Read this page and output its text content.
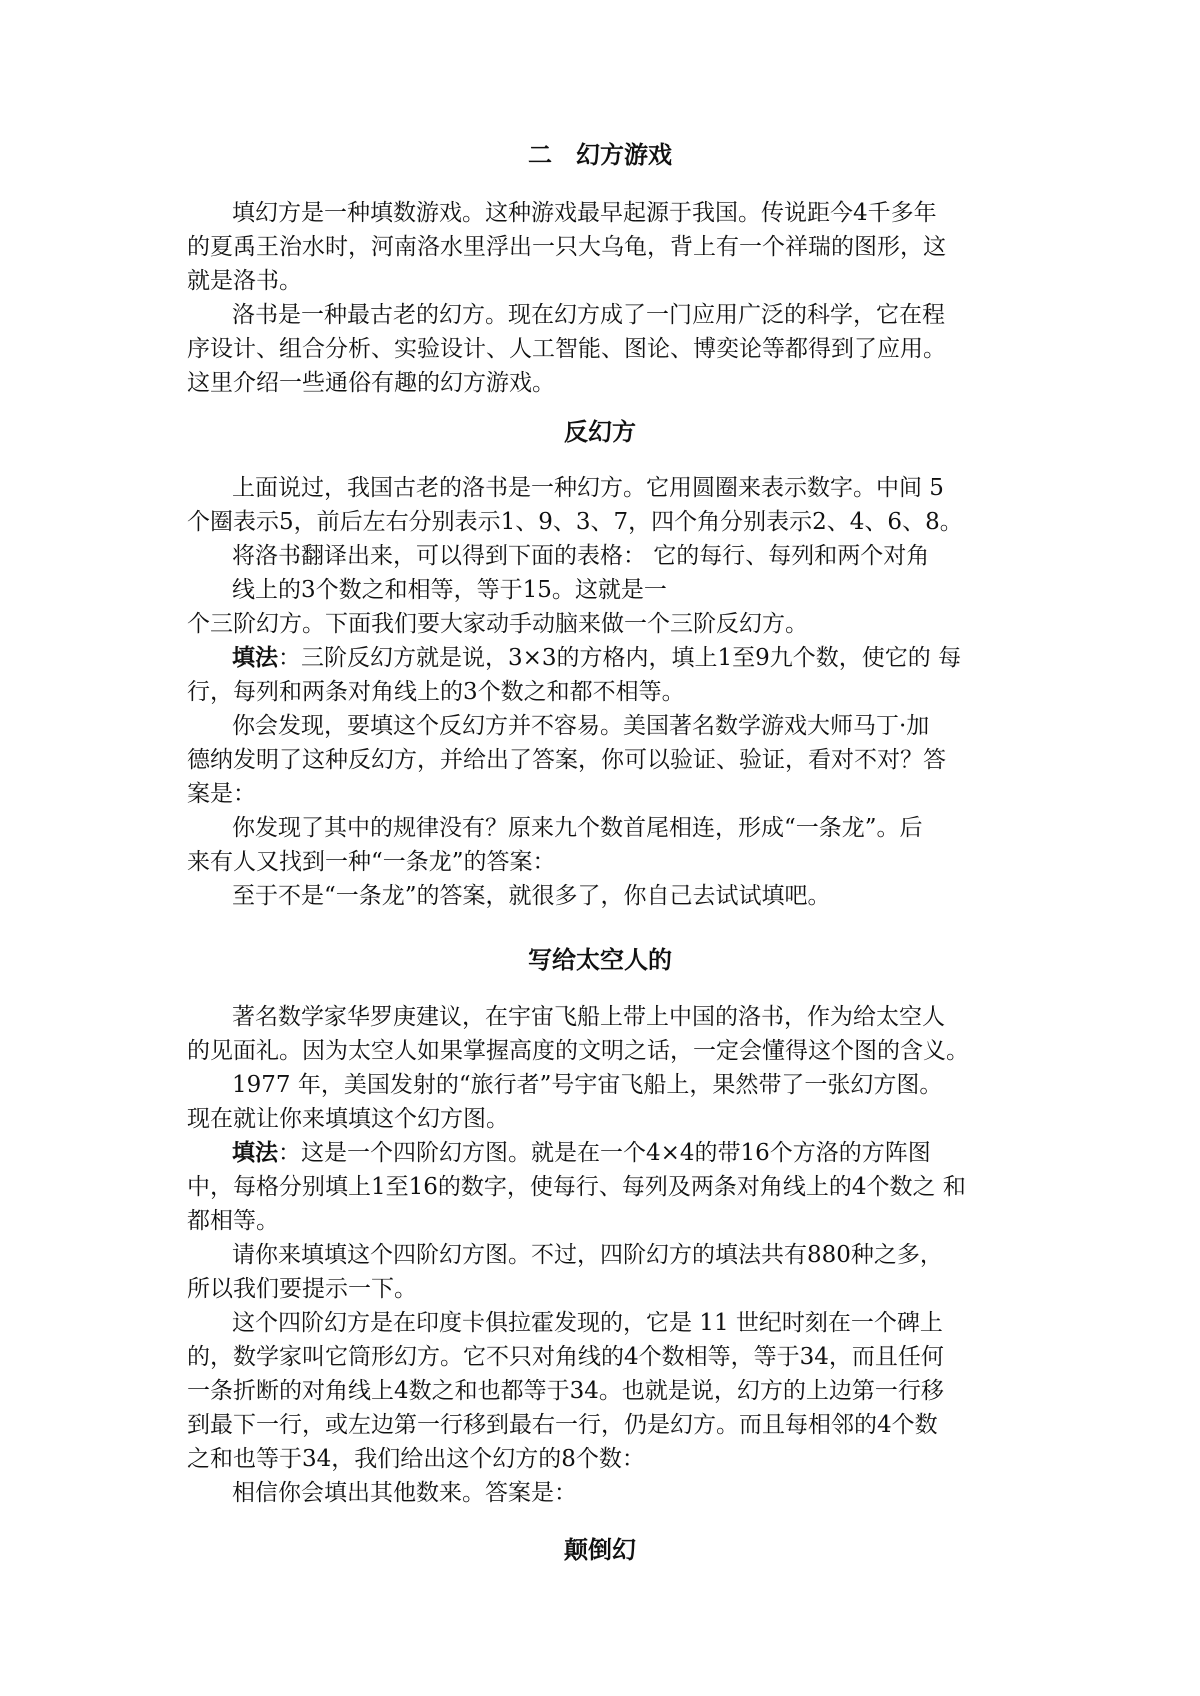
二　幻方游戏
填幻方是一种填数游戏。这种游戏最早起源于我国。传说距今4千多年
的夏禹王治水时，河南洛水里浮出一只大乌龟，背上有一个祥瑞的图形，这
就是洛书。
洛书是一种最古老的幻方。现在幻方成了一门应用广泛的科学，它在程
序设计、组合分析、实验设计、人工智能、图论、博奕论等都得到了应用。
这里介绍一些通俗有趣的幻方游戏。
反幻方
上面说过，我国古老的洛书是一种幻方。它用圆圈来表示数字。中间 5
个圈表示5，前后左右分别表示1、9、3、7，四个角分别表示2、4、6、8。
将洛书翻译出来，可以得到下面的表格： 它的每行、每列和两个对角
线上的3个数之和相等，等于15。这就是一
个三阶幻方。下面我们要大家动手动脑来做一个三阶反幻方。
填法：三阶反幻方就是说，3×3的方格内，填上1至9九个数，使它的 每
行，每列和两条对角线上的3个数之和都不相等。
你会发现，要填这个反幻方并不容易。美国著名数学游戏大师马丁·加
德纳发明了这种反幻方，并给出了答案，你可以验证、验证，看对不对？答
案是：
你发现了其中的规律没有？原来九个数首尾相连，形成“一条龙”。后
来有人又找到一种“一条龙”的答案：
至于不是“一条龙”的答案，就很多了，你自己去试试填吧。
写给太空人的
著名数学家华罗庚建议，在宇宙飞船上带上中国的洛书，作为给太空人
的见面礼。因为太空人如果掌握高度的文明之话，一定会懂得这个图的含义。
1977 年，美国发射的“旅行者”号宇宙飞船上，果然带了一张幻方图。
现在就让你来填填这个幻方图。
填法：这是一个四阶幻方图。就是在一个4×4的带16个方洛的方阵图
中，每格分别填上1至16的数字，使每行、每列及两条对角线上的4个数之 和
都相等。
请你来填填这个四阶幻方图。不过，四阶幻方的填法共有880种之多，
所以我们要提示一下。
这个四阶幻方是在印度卡俱拉霍发现的，它是 11 世纪时刻在一个碑上
的，数学家叫它筒形幻方。它不只对角线的4个数相等，等于34，而且任何
一条折断的对角线上4数之和也都等于34。也就是说，幻方的上边第一行移
到最下一行，或左边第一行移到最右一行，仍是幻方。而且每相邻的4个数
之和也等于34，我们给出这个幻方的8个数：
相信你会填出其他数来。答案是：
颠倒幻
